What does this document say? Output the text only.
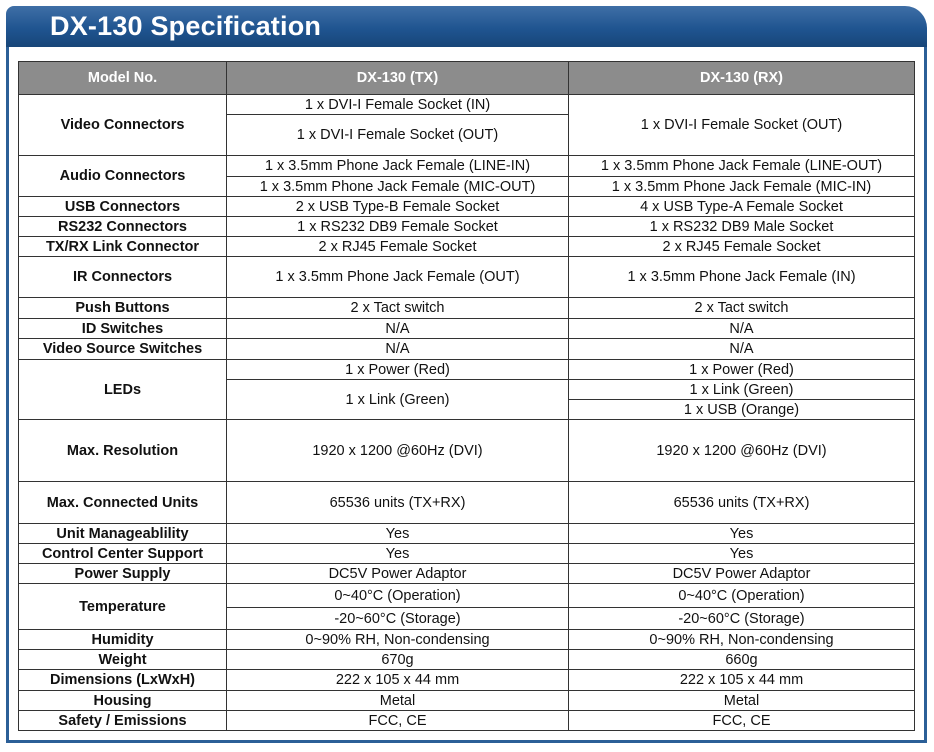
DX-130 Specification
Model No.	DX-130 (TX)	DX-130 (RX)
Video Connectors	1 x DVI-I Female Socket (IN)	1 x DVI-I Female Socket (OUT)
	1 x DVI-I Female Socket (OUT)	
Audio Connectors	1 x 3.5mm Phone Jack Female (LINE-IN)	1 x 3.5mm Phone Jack Female (LINE-OUT)
	1 x 3.5mm Phone Jack Female (MIC-OUT)	1 x 3.5mm Phone Jack Female (MIC-IN)
USB Connectors	2 x USB Type-B Female Socket	4 x USB Type-A Female Socket
RS232 Connectors	1 x RS232 DB9 Female Socket	1 x RS232 DB9 Male Socket
TX/RX Link Connector	2 x RJ45 Female Socket	2 x RJ45 Female Socket
IR Connectors	1 x 3.5mm Phone Jack Female (OUT)	1 x 3.5mm Phone Jack Female (IN)
Push Buttons	2 x Tact switch	2 x Tact switch
ID Switches	N/A	N/A
Video Source Switches	N/A	N/A
LEDs	1 x Power (Red)	1 x Power (Red)
	1 x Link (Green)	1 x Link (Green)
		1 x USB (Orange)
Max. Resolution	1920 x 1200 @60Hz (DVI)	1920 x 1200 @60Hz (DVI)
Max. Connected Units	65536 units (TX+RX)	65536 units (TX+RX)
Unit Manageablility	Yes	Yes
Control Center Support	Yes	Yes
Power Supply	DC5V Power Adaptor	DC5V Power Adaptor
Temperature	0~40°C (Operation)	0~40°C (Operation)
	-20~60°C (Storage)	-20~60°C (Storage)
Humidity	0~90% RH, Non-condensing	0~90% RH, Non-condensing
Weight	670g	660g
Dimensions (LxWxH)	222 x 105 x 44 mm	222 x 105 x 44 mm
Housing	Metal	Metal
Safety / Emissions	FCC, CE	FCC, CE
